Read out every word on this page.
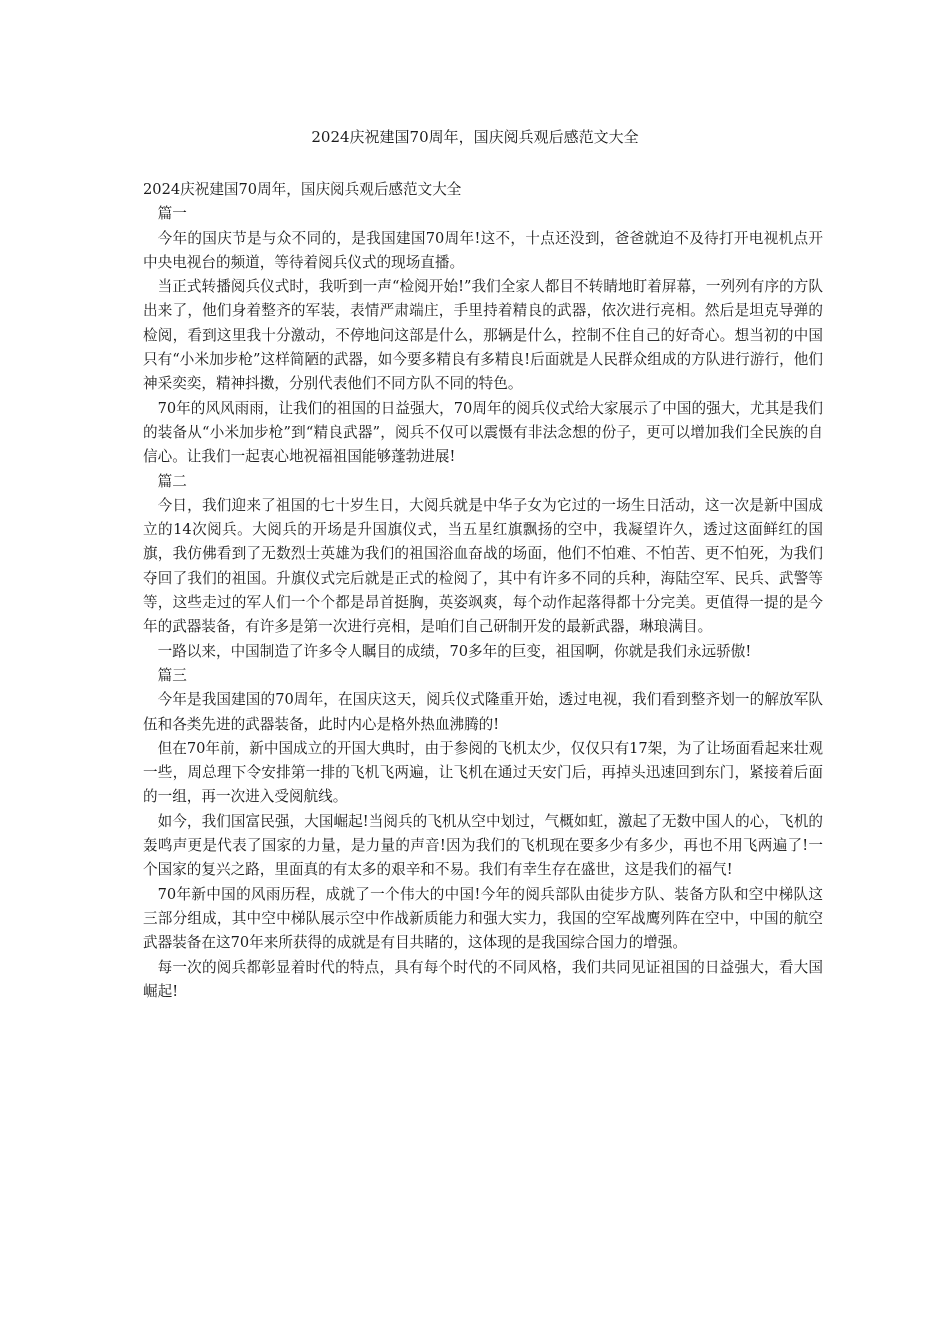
2024庆祝建国70周年，国庆阅兵观后感范文大全

2024庆祝建国70周年，国庆阅兵观后感范文大全

篇一

今年的国庆节是与众不同的，是我国建国70周年!这不，十点还没到，爸爸就迫不及待打开电视机点开中央电视台的频道，等待着阅兵仪式的现场直播。

当正式转播阅兵仪式时，我听到一声“检阅开始!”我们全家人都目不转睛地盯着屏幕，一列列有序的方队出来了，他们身着整齐的军装，表情严肃端庄，手里持着精良的武器，依次进行亮相。然后是坦克导弹的检阅，看到这里我十分激动，不停地问这部是什么，那辆是什么，控制不住自己的好奇心。想当初的中国只有“小米加步枪”这样简陋的武器，如今要多精良有多精良!后面就是人民群众组成的方队进行游行，他们神采奕奕，精神抖擞，分别代表他们不同方队不同的特色。

70年的风风雨雨，让我们的祖国的日益强大，70周年的阅兵仪式给大家展示了中国的强大，尤其是我们的装备从“小米加步枪”到“精良武器”，阅兵不仅可以震慑有非法念想的份子，更可以增加我们全民族的自信心。让我们一起衷心地祝福祖国能够蓬勃进展!

篇二

今日，我们迎来了祖国的七十岁生日，大阅兵就是中华子女为它过的一场生日活动，这一次是新中国成立的14次阅兵。大阅兵的开场是升国旗仪式，当五星红旗飘扬的空中，我凝望许久，透过这面鲜红的国旗，我仿佛看到了无数烈士英雄为我们的祖国浴血奋战的场面，他们不怕难、不怕苦、更不怕死，为我们夺回了我们的祖国。升旗仪式完后就是正式的检阅了，其中有许多不同的兵种，海陆空军、民兵、武警等等，这些走过的军人们一个个都是昂首挺胸，英姿飒爽，每个动作起落得都十分完美。更值得一提的是今年的武器装备，有许多是第一次进行亮相，是咱们自己研制开发的最新武器，琳琅满目。

一路以来，中国制造了许多令人瞩目的成绩，70多年的巨变，祖国啊，你就是我们永远骄傲!

篇三

今年是我国建国的70周年，在国庆这天，阅兵仪式隆重开始，透过电视，我们看到整齐划一的解放军队伍和各类先进的武器装备，此时内心是格外热血沸腾的!

但在70年前，新中国成立的开国大典时，由于参阅的飞机太少，仅仅只有17架，为了让场面看起来壮观一些，周总理下令安排第一排的飞机飞两遍，让飞机在通过天安门后，再掉头迅速回到东门，紧接着后面的一组，再一次进入受阅航线。

如今，我们国富民强，大国崛起!当阅兵的飞机从空中划过，气概如虹，激起了无数中国人的心，飞机的轰鸣声更是代表了国家的力量，是力量的声音!因为我们的飞机现在要多少有多少，再也不用飞两遍了!一个国家的复兴之路，里面真的有太多的艰辛和不易。我们有幸生存在盛世，这是我们的福气!

70年新中国的风雨历程，成就了一个伟大的中国!今年的阅兵部队由徒步方队、装备方队和空中梯队这三部分组成，其中空中梯队展示空中作战新质能力和强大实力，我国的空军战鹰列阵在空中，中国的航空武器装备在这70年来所获得的成就是有目共睹的，这体现的是我国综合国力的增强。

每一次的阅兵都彰显着时代的特点，具有每个时代的不同风格，我们共同见证祖国的日益强大，看大国崛起!
